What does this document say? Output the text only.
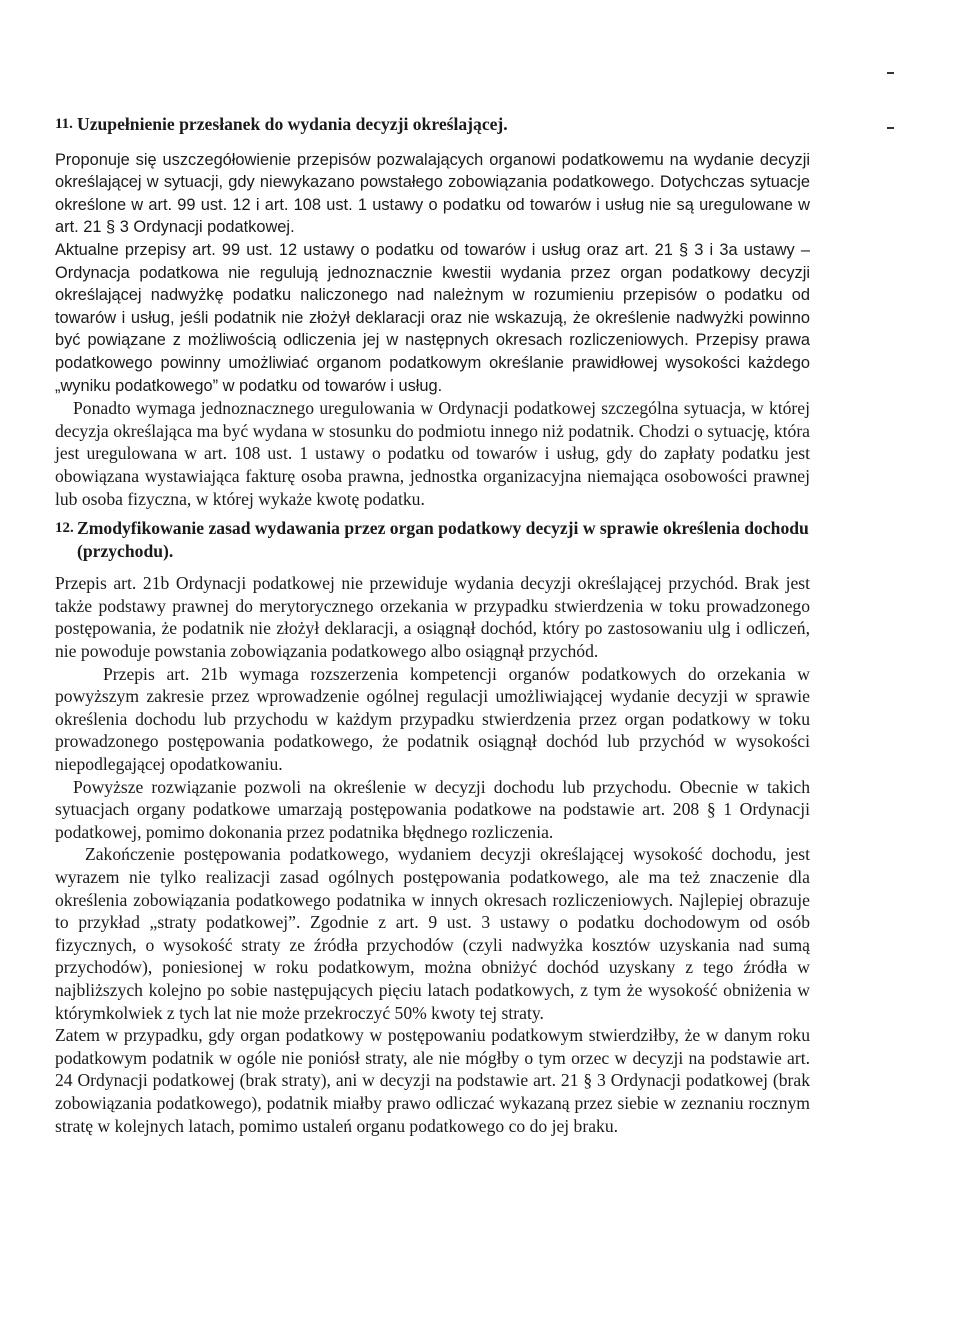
11. Uzupełnienie przesłanek do wydania decyzji określającej.

Proponuje się uszczegółowienie przepisów pozwalających organowi podatkowemu na wydanie decyzji określającej w sytuacji, gdy niewykazano powstałego zobowiązania podatkowego. Dotychczas sytuacje określone w art. 99 ust. 12 i art. 108 ust. 1 ustawy o podatku od towarów i usług nie są uregulowane w art. 21 § 3 Ordynacji podatkowej.

Aktualne przepisy art. 99 ust. 12 ustawy o podatku od towarów i usług oraz art. 21 § 3 i 3a ustawy – Ordynacja podatkowa nie regulują jednoznacznie kwestii wydania przez organ podatkowy decyzji określającej nadwyżkę podatku naliczonego nad należnym w rozumieniu przepisów o podatku od towarów i usług, jeśli podatnik nie złożył deklaracji oraz nie wskazują, że określenie nadwyżki powinno być powiązane z możliwością odliczenia jej w następnych okresach rozliczeniowych. Przepisy prawa podatkowego powinny umożliwiać organom podatkowym określanie prawidłowej wysokości każdego „wyniku podatkowego” w podatku od towarów i usług.

Ponadto wymaga jednoznacznego uregulowania w Ordynacji podatkowej szczególna sytuacja, w której decyzja określająca ma być wydana w stosunku do podmiotu innego niż podatnik. Chodzi o sytuację, która jest uregulowana w art. 108 ust. 1 ustawy o podatku od towarów i usług, gdy do zapłaty podatku jest obowiązana wystawiająca fakturę osoba prawna, jednostka organizacyjna niemająca osobowości prawnej lub osoba fizyczna, w której wykaże kwotę podatku.

12. Zmodyfikowanie zasad wydawania przez organ podatkowy decyzji w sprawie określenia dochodu (przychodu).

Przepis art. 21b Ordynacji podatkowej nie przewiduje wydania decyzji określającej przychód. Brak jest także podstawy prawnej do merytorycznego orzekania w przypadku stwierdzenia w toku prowadzonego postępowania, że podatnik nie złożył deklaracji, a osiągnął dochód, który po zastosowaniu ulg i odliczeń, nie powoduje powstania zobowiązania podatkowego albo osiągnął przychód.

Przepis art. 21b wymaga rozszerzenia kompetencji organów podatkowych do orzekania w powyższym zakresie przez wprowadzenie ogólnej regulacji umożliwiającej wydanie decyzji w sprawie określenia dochodu lub przychodu w każdym przypadku stwierdzenia przez organ podatkowy w toku prowadzonego postępowania podatkowego, że podatnik osiągnął dochód lub przychód w wysokości niepodlegającej opodatkowaniu.

Powyższe rozwiązanie pozwoli na określenie w decyzji dochodu lub przychodu. Obecnie w takich sytuacjach organy podatkowe umarzają postępowania podatkowe na podstawie art. 208 § 1 Ordynacji podatkowej, pomimo dokonania przez podatnika błędnego rozliczenia.

Zakończenie postępowania podatkowego, wydaniem decyzji określającej wysokość dochodu, jest wyrazem nie tylko realizacji zasad ogólnych postępowania podatkowego, ale ma też znaczenie dla określenia zobowiązania podatkowego podatnika w innych okresach rozliczeniowych. Najlepiej obrazuje to przykład „straty podatkowej”. Zgodnie z art. 9 ust. 3 ustawy o podatku dochodowym od osób fizycznych, o wysokość straty ze źródła przychodów (czyli nadwyżka kosztów uzyskania nad sumą przychodów), poniesionej w roku podatkowym, można obniżyć dochód uzyskany z tego źródła w najbliższych kolejno po sobie następujących pięciu latach podatkowych, z tym że wysokość obniżenia w którymkolwiek z tych lat nie może przekroczyć 50% kwoty tej straty.

Zatem w przypadku, gdy organ podatkowy w postępowaniu podatkowym stwierdziłby, że w danym roku podatkowym podatnik w ogóle nie poniósł straty, ale nie mógłby o tym orzec w decyzji na podstawie art. 24 Ordynacji podatkowej (brak straty), ani w decyzji na podstawie art. 21 § 3 Ordynacji podatkowej (brak zobowiązania podatkowego), podatnik miałby prawo odliczać wykazaną przez siebie w zeznaniu rocznym stratę w kolejnych latach, pomimo ustaleń organu podatkowego co do jej braku.
